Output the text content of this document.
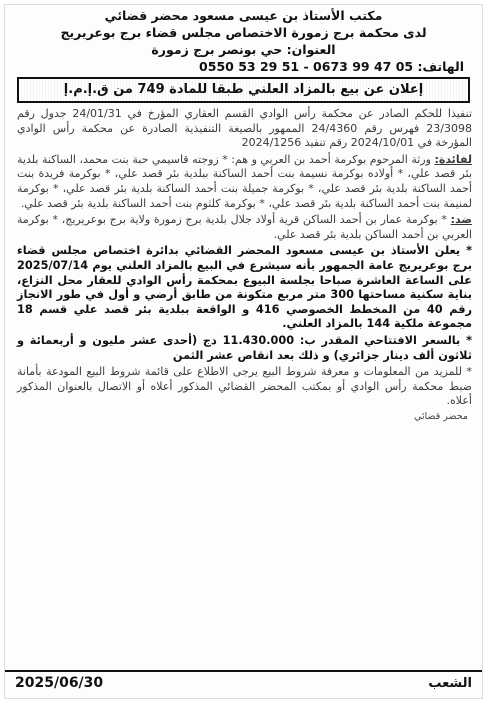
مكتب الأستاذ بن عيسى مسعود محضر قضائي
لدى محكمة برج زمورة الاختصاص مجلس قضاء برج بوعريريج
العنوان: حي بونصر برج زمورة
الهاتف: 05 47 99 0673 - 51 29 53 0550
إعلان عن بيع بالمزاد العلني طبقا للمادة 749 من ق.إ.م.إ

تنفيذا للحكم الصادر عن محكمة رأس الوادي القسم العقاري المؤرخ في 24/01/31 جدول رقم 23/3098 فهرس رقم 24/4360 الممهور بالصيغة التنفيذية الصادرة عن محكمة رأس الوادي المؤرخة في 2024/10/01 رقم تنفيذ 2024/1256

لفائدة: ورثة المرحوم بوكرمة أحمد بن العربي و هم: * زوجته قاسيمي حبة بنت محمد، الساكنة بلدية بئر قصد علي، * أولاده بوكرمة نسيمة بنت أحمد الساكنة ببلدية بئر قصد علي، * بوكرمة فريدة بنت أحمد الساكنة بلدية بئر قصد علي، * بوكرمة جميلة بنت أحمد الساكنة بلدية بئر قصد علي، * بوكرمة لمنيمة بنت أحمد الساكنة بلدية بئر قصد علي، * بوكرمة كلثوم بنت أحمد الساكنة بلدية بئر قصد علي.

ضد: * بوكرمة عمار بن أحمد الساكن قرية أولاد جلال بلدية برج زمورة ولاية برج بوعريريج، * بوكرمة العربي بن أحمد الساكن بلدية بئر قصد علي.

* يعلن الأستاذ بن عيسى مسعود المحضر القضائي بدائرة اختصاص مجلس قضاء برج بوعريريج عامة الجمهور بأنه سيشرع في البيع بالمزاد العلني يوم 2025/07/14 على الساعة العاشرة صباحا بجلسة البيوع بمحكمة رأس الوادي للعقار محل النزاع، بناية سكنية مساحتها 300 متر مربع متكونة من طابق أرضي و أول في طور الانجاز رقم 40 من المخطط الخصوصي 416 و الواقعة ببلدية بئر قصد علي قسم 18 مجموعة ملكية 144 بالمزاد العلني.

* بالسعر الافتتاحي المقدر ب: 11.430.000 دج (أحدى عشر مليون و أربعمائة و ثلاثون ألف دينار جزائري) و ذلك بعد انقاص عشر الثمن

* للمزيد من المعلومات و معرفة شروط البيع يرجى الاطلاع على قائمة شروط البيع المودعة بأمانة ضبط محكمة رأس الوادي أو بمكتب المحضر القضائي المذكور أعلاه أو الاتصال بالعنوان المذكور أعلاه.

محضر قضائي
الشعب
2025/06/30
